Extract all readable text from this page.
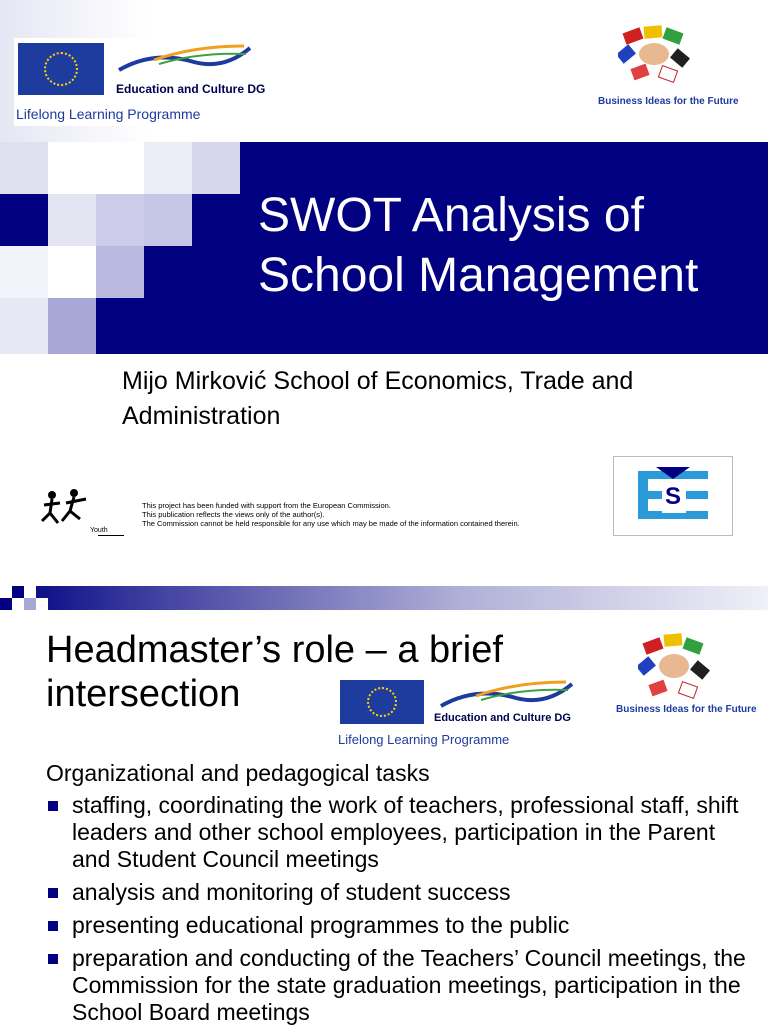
SWOT Analysis of
School Management
Mijo Mirković School of Economics, Trade and Administration
Education and Culture DG
Lifelong Learning Programme
Business Ideas for the Future
Youth
This project has been funded with support from the European Commission.
This publication reflects the views only of the author(s).
The Commission cannot be held responsible for any use which may be made of the information contained therein.
S
Headmaster’s role – a brief
intersection
Education and Culture DG
Lifelong Learning Programme
Business Ideas for the Future
Organizational and pedagogical tasks
staffing, coordinating the work of teachers, professional staff, shift leaders and other school employees, participation in the Parent and Student Council meetings
analysis and monitoring of student success
presenting educational programmes to the public
preparation and conducting of the Teachers’ Council meetings, the Commission for the state graduation meetings, participation in the School Board meetings
